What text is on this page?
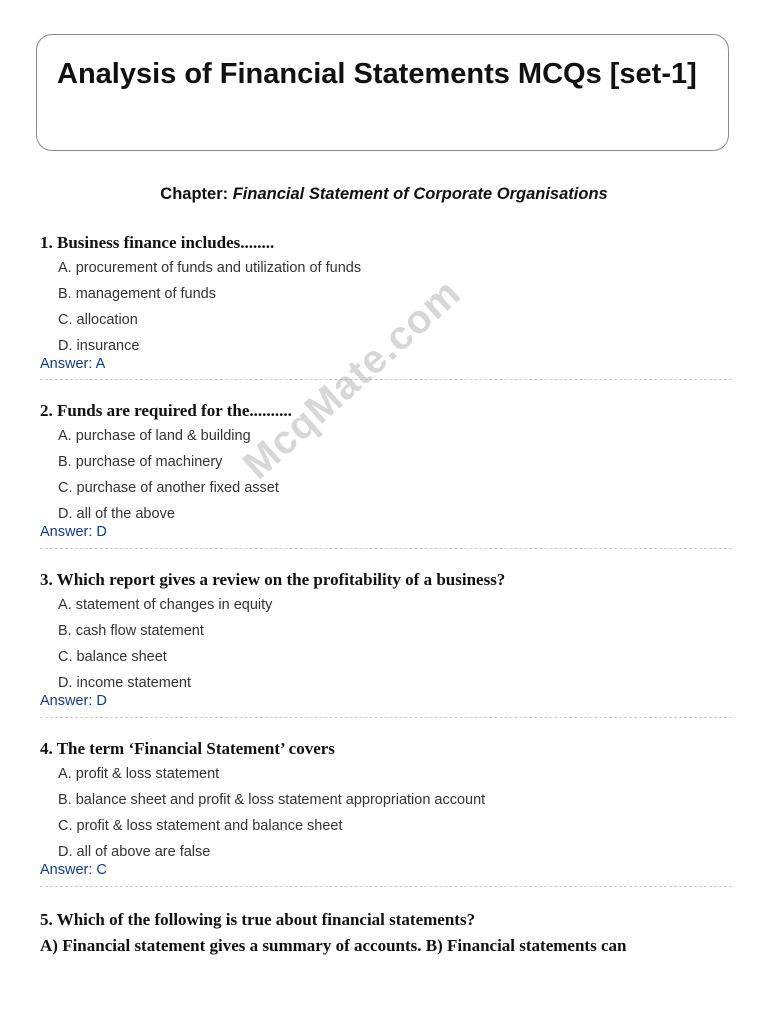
Analysis of Financial Statements MCQs [set-1]
Chapter: Financial Statement of Corporate Organisations

1. Business finance includes........

A. procurement of funds and utilization of funds
B. management of funds
C. allocation
D. insurance
Answer: A

2. Funds are required for the..........

A. purchase of land & building
B. purchase of machinery
C. purchase of another fixed asset
D. all of the above
Answer: D

3. Which report gives a review on the profitability of a business?

A. statement of changes in equity
B. cash flow statement
C. balance sheet
D. income statement
Answer: D

4. The term ‘Financial Statement’ covers

A. profit & loss statement
B. balance sheet and profit & loss statement appropriation account
C. profit & loss statement and balance sheet
D. all of above are false
Answer: C

5. Which of the following is true about financial statements?

A) Financial statement gives a summary of accounts. B) Financial statements can

McqMate.com
